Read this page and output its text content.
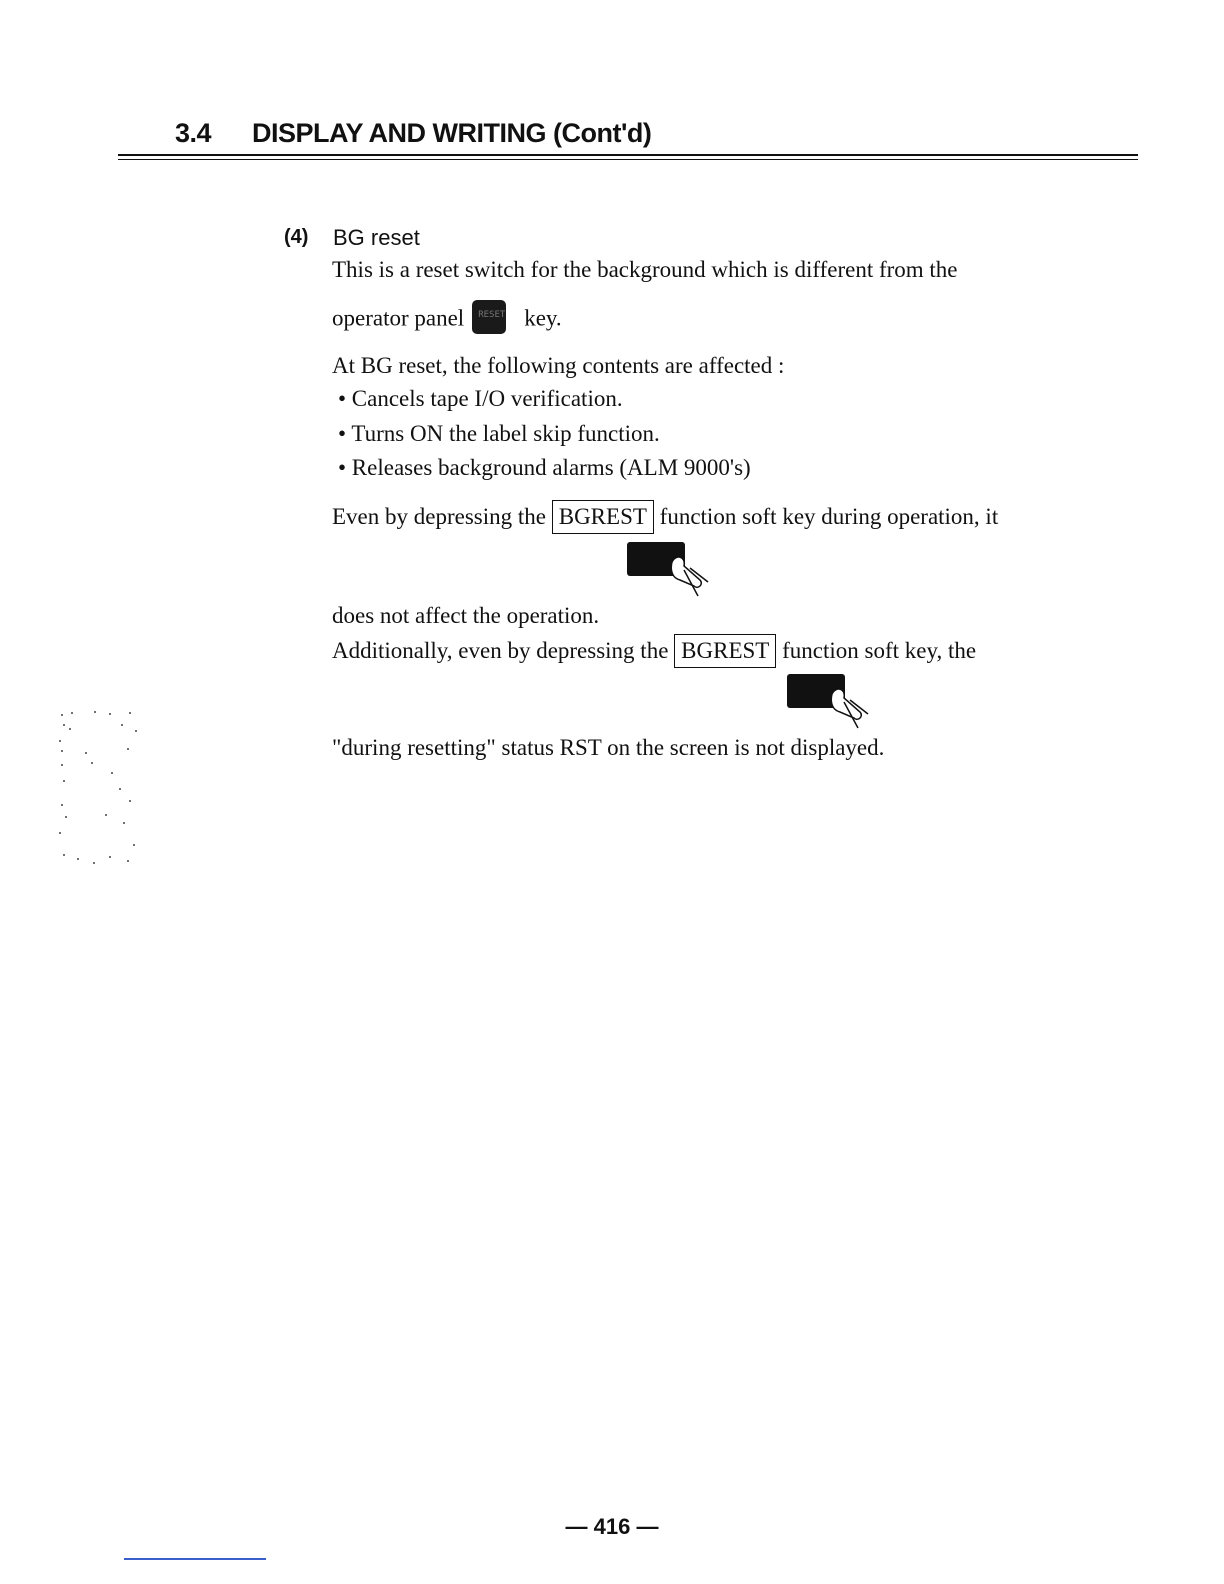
3.4 DISPLAY AND WRITING (Cont'd)
(4) BG reset
This is a reset switch for the background which is different from the
operator panel RESET key.
At BG reset, the following contents are affected :
• Cancels tape I/O verification.
• Turns ON the label skip function.
• Releases background alarms (ALM 9000's)
Even by depressing the BGREST function soft key during operation, it
does not affect the operation.
Additionally, even by depressing the BGREST function soft key, the
"during resetting" status RST on the screen is not displayed.
— 416 —
